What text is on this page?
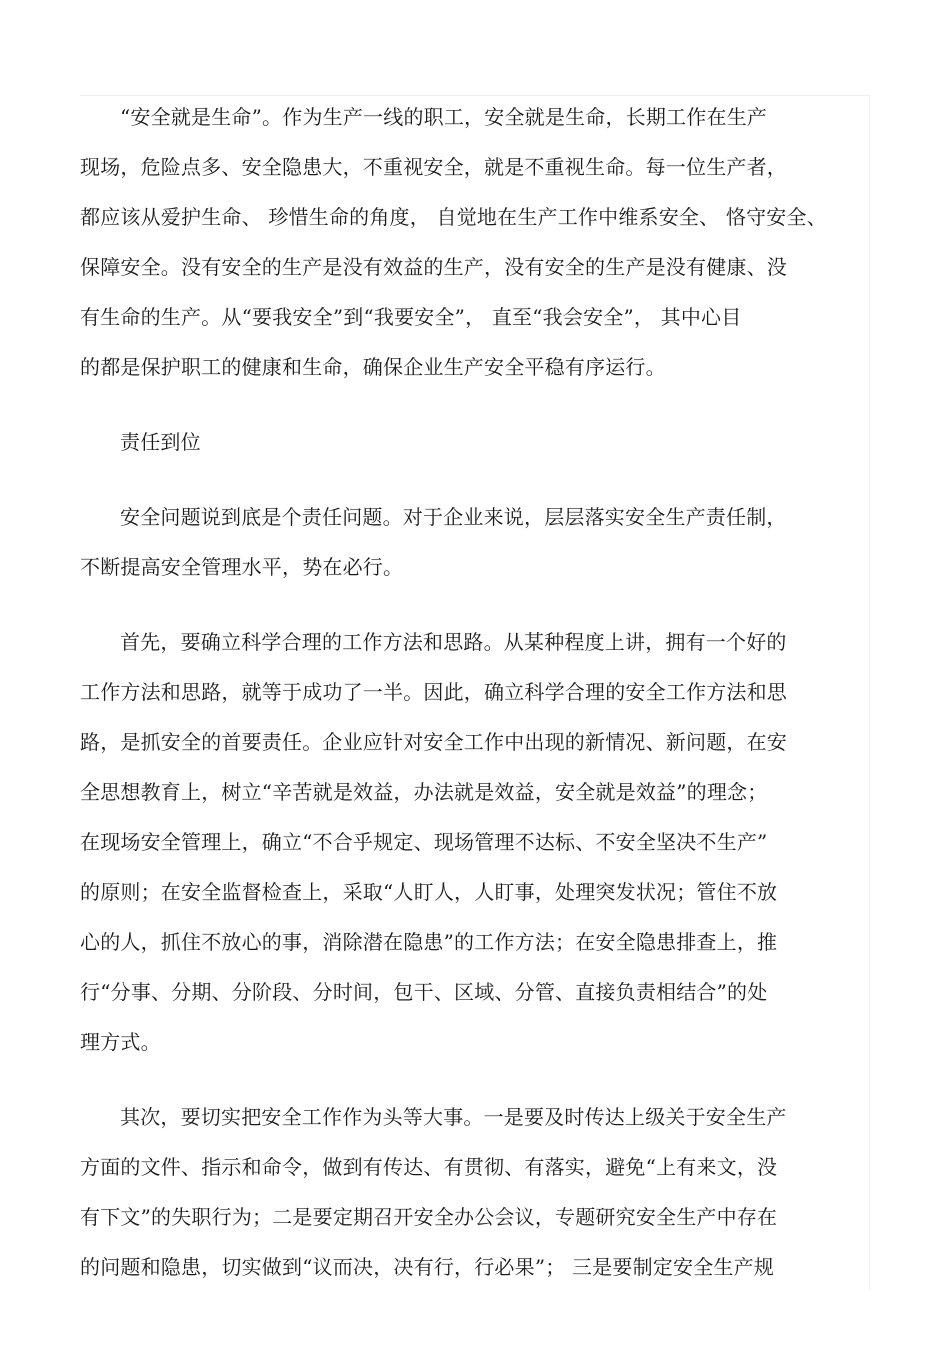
“安全就是生命”。作为生产一线的职工，安全就是生命，长期工作在生产
现场，危险点多、安全隐患大，不重视安全，就是不重视生命。每一位生产者，
都应该从爱护生命、 珍惜生命的角度， 自觉地在生产工作中维系安全、 恪守安全、
保障安全。没有安全的生产是没有效益的生产，没有安全的生产是没有健康、没
有生命的生产。从“要我安全”到“我要安全”， 直至“我会安全”， 其中心目
的都是保护职工的健康和生命，确保企业生产安全平稳有序运行。

责任到位

安全问题说到底是个责任问题。对于企业来说，层层落实安全生产责任制，
不断提高安全管理水平，势在必行。

首先，要确立科学合理的工作方法和思路。从某种程度上讲，拥有一个好的
工作方法和思路，就等于成功了一半。因此，确立科学合理的安全工作方法和思
路，是抓安全的首要责任。企业应针对安全工作中出现的新情况、新问题，在安
全思想教育上，树立“辛苦就是效益，办法就是效益，安全就是效益”的理念；
在现场安全管理上，确立“不合乎规定、现场管理不达标、不安全坚决不生产”
的原则；在安全监督检查上，采取“人盯人，人盯事，处理突发状况；管住不放
心的人，抓住不放心的事，消除潜在隐患”的工作方法；在安全隐患排查上，推
行“分事、分期、分阶段、分时间，包干、区域、分管、直接负责相结合”的处
理方式。

其次，要切实把安全工作作为头等大事。一是要及时传达上级关于安全生产
方面的文件、指示和命令，做到有传达、有贯彻、有落实，避免“上有来文，没
有下文”的失职行为；二是要定期召开安全办公会议，专题研究安全生产中存在
的问题和隐患，切实做到“议而决，决有行，行必果”； 三是要制定安全生产规
